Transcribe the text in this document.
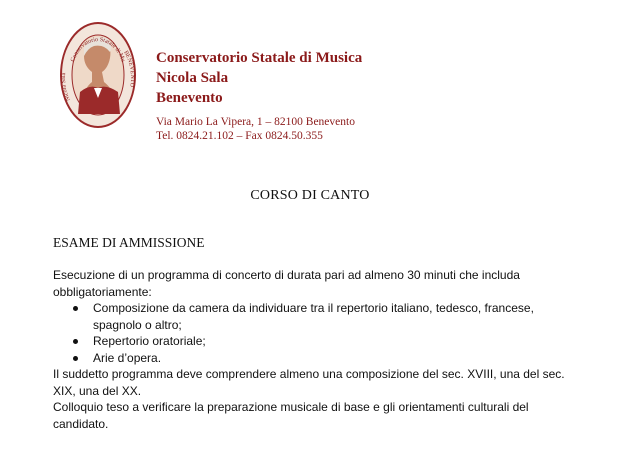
Conservatorio Statale di Mu
Nicola Sala
BENEVENTO
Conservatorio Statale di Musica
Nicola Sala
Benevento
Via Mario La Vipera, 1 – 82100 Benevento
Tel. 0824.21.102 – Fax 0824.50.355
CORSO DI CANTO
ESAME DI AMMISSIONE

Esecuzione di un programma di concerto di durata pari ad almeno 30 minuti che includa obbligatoriamente:

Composizione da camera da individuare tra il repertorio italiano, tedesco, francese, spagnolo o altro;
Repertorio oratoriale;
Arie d’opera.

Il suddetto programma deve comprendere almeno una composizione del sec. XVIII, una del sec. XIX, una del XX.

Colloquio teso a verificare la preparazione musicale di base e gli orientamenti culturali del candidato.
